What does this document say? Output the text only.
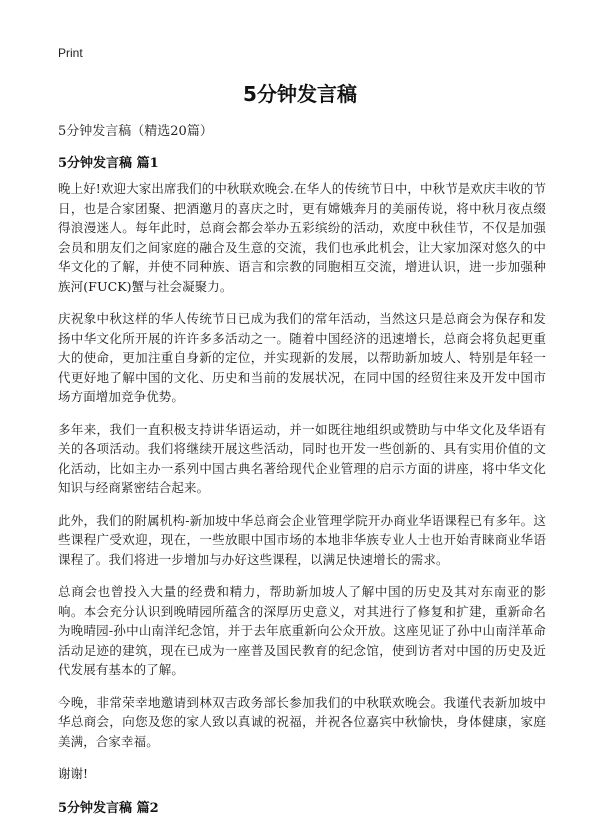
Print
5分钟发言稿
5分钟发言稿（精选20篇）
5分钟发言稿 篇1

晚上好!欢迎大家出席我们的中秋联欢晚会.在华人的传统节日中，中秋节是欢庆丰收的节日，也是合家团聚、把酒邀月的喜庆之时，更有嫦娥奔月的美丽传说，将中秋月夜点缀得浪漫迷人。每年此时，总商会都会举办五彩缤纷的活动，欢度中秋佳节，不仅是加强会员和朋友们之间家庭的融合及生意的交流，我们也承此机会，让大家加深对悠久的中华文化的了解，并使不同种族、语言和宗教的同胞相互交流，增进认识，进一步加强种族河(FUCK)蟹与社会凝聚力。

庆祝象中秋这样的华人传统节日已成为我们的常年活动，当然这只是总商会为保存和发扬中华文化所开展的许许多多活动之一。随着中国经济的迅速增长，总商会将负起更重大的使命，更加注重自身新的定位，并实现新的发展，以帮助新加坡人、特别是年轻一代更好地了解中国的文化、历史和当前的发展状况，在同中国的经贸往来及开发中国市场方面增加竞争优势。

多年来，我们一直积极支持讲华语运动，并一如既往地组织或赞助与中华文化及华语有关的各项活动。我们将继续开展这些活动，同时也开发一些创新的、具有实用价值的文化活动，比如主办一系列中国古典名著给现代企业管理的启示方面的讲座，将中华文化知识与经商紧密结合起来。

此外，我们的附属机构-新加坡中华总商会企业管理学院开办商业华语课程已有多年。这些课程广受欢迎，现在，一些放眼中国市场的本地非华族专业人士也开始青睐商业华语课程了。我们将进一步增加与办好这些课程，以满足快速增长的需求。

总商会也曾投入大量的经费和精力，帮助新加坡人了解中国的历史及其对东南亚的影响。本会充分认识到晚晴园所蕴含的深厚历史意义，对其进行了修复和扩建，重新命名为晚晴园-孙中山南洋纪念馆，并于去年底重新向公众开放。这座见证了孙中山南洋革命活动足迹的建筑，现在已成为一座普及国民教育的纪念馆，使到访者对中国的历史及近代发展有基本的了解。

今晚，非常荣幸地邀请到林双吉政务部长参加我们的中秋联欢晚会。我谨代表新加坡中华总商会，向您及您的家人致以真诚的祝福，并祝各位嘉宾中秋愉快，身体健康，家庭美满，合家幸福。

谢谢!

5分钟发言稿 篇2
